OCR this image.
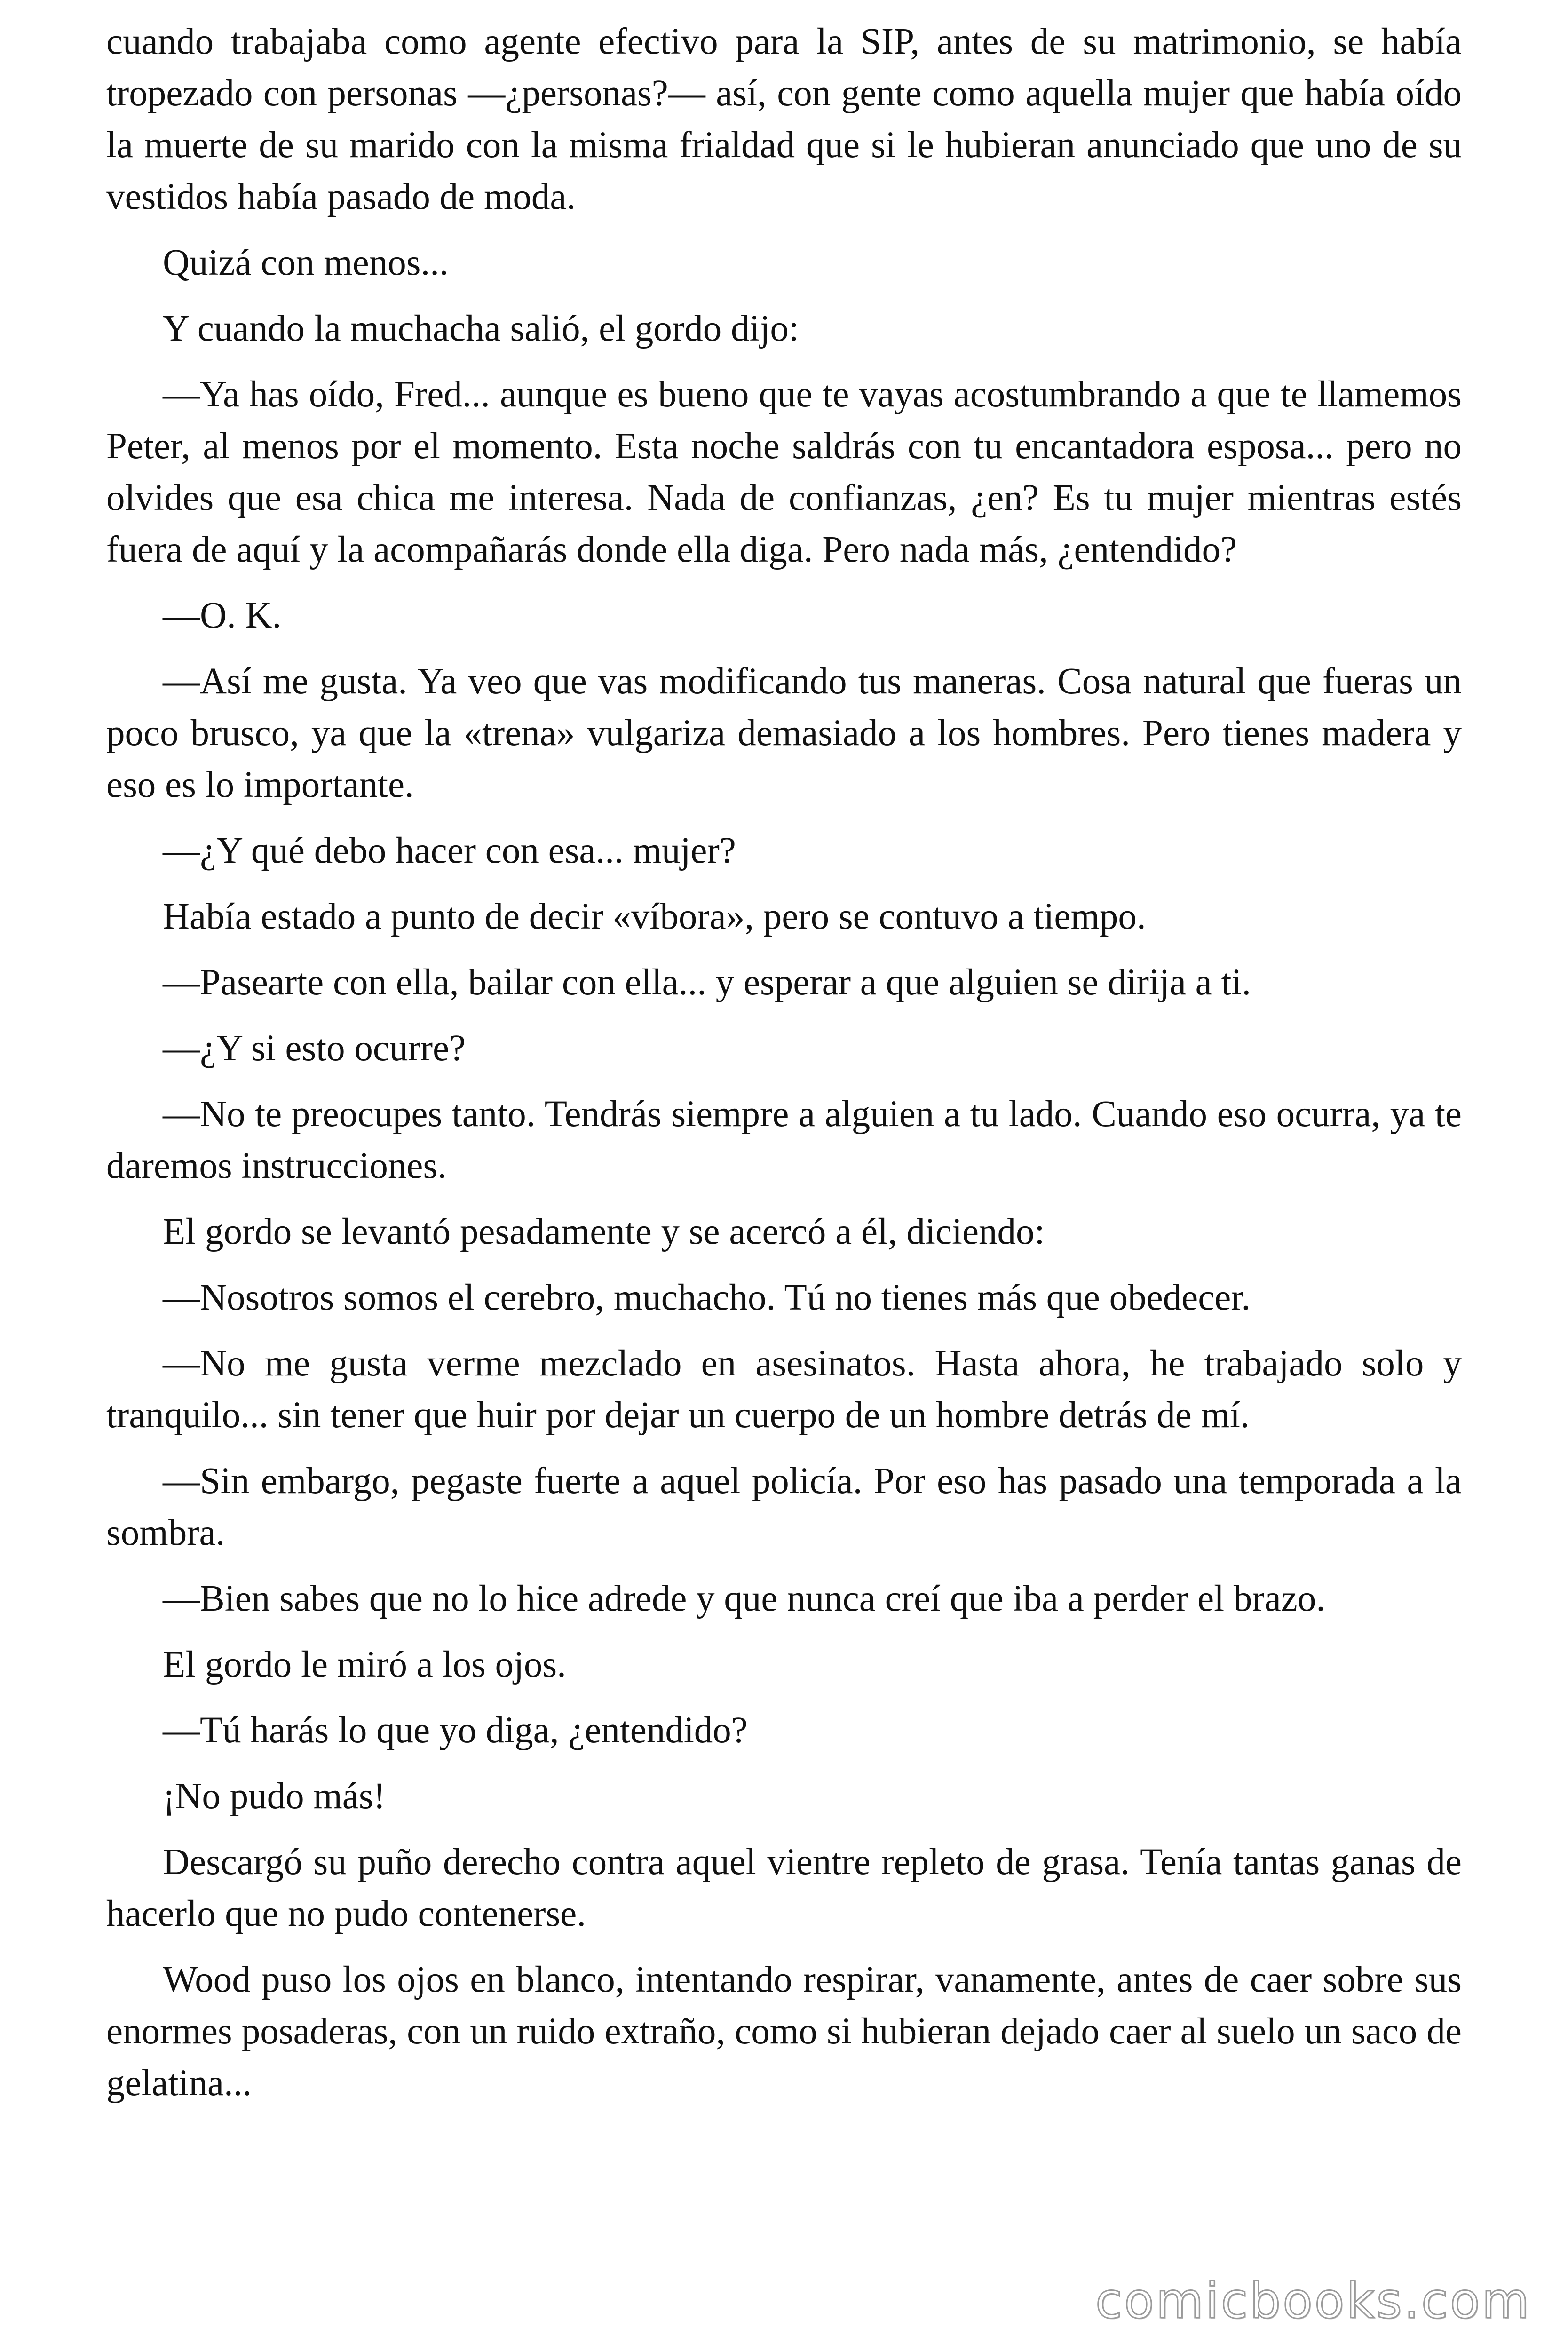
cuando trabajaba como agente efectivo para la SIP, antes de su matrimonio, se había tropezado con personas —¿personas?— así, con gente como aquella mujer que había oído la muerte de su marido con la misma frialdad que si le hubieran anunciado que uno de su vestidos había pasado de moda.

Quizá con menos...

Y cuando la muchacha salió, el gordo dijo:

—Ya has oído, Fred... aunque es bueno que te vayas acostumbrando a que te llamemos Peter, al menos por el momento. Esta noche saldrás con tu encantadora esposa... pero no olvides que esa chica me interesa. Nada de confianzas, ¿en? Es tu mujer mientras estés fuera de aquí y la acompañarás donde ella diga. Pero nada más, ¿entendido?

—O. K.

—Así me gusta. Ya veo que vas modificando tus maneras. Cosa natural que fueras un poco brusco, ya que la «trena» vulgariza demasiado a los hombres. Pero tienes madera y eso es lo importante.

—¿Y qué debo hacer con esa... mujer?

Había estado a punto de decir «víbora», pero se contuvo a tiempo.

—Pasearte con ella, bailar con ella... y esperar a que alguien se dirija a ti.

—¿Y si esto ocurre?

—No te preocupes tanto. Tendrás siempre a alguien a tu lado. Cuando eso ocurra, ya te daremos instrucciones.

El gordo se levantó pesadamente y se acercó a él, diciendo:

—Nosotros somos el cerebro, muchacho. Tú no tienes más que obedecer.

—No me gusta verme mezclado en asesinatos. Hasta ahora, he trabajado solo y tranquilo... sin tener que huir por dejar un cuerpo de un hombre detrás de mí.

—Sin embargo, pegaste fuerte a aquel policía. Por eso has pasado una temporada a la sombra.

—Bien sabes que no lo hice adrede y que nunca creí que iba a perder el brazo.

El gordo le miró a los ojos.

—Tú harás lo que yo diga, ¿entendido?

¡No pudo más!

Descargó su puño derecho contra aquel vientre repleto de grasa. Tenía tantas ganas de hacerlo que no pudo contenerse.

Wood puso los ojos en blanco, intentando respirar, vanamente, antes de caer sobre sus enormes posaderas, con un ruido extraño, como si hubieran dejado caer al suelo un saco de gelatina...

comicbooks.com
